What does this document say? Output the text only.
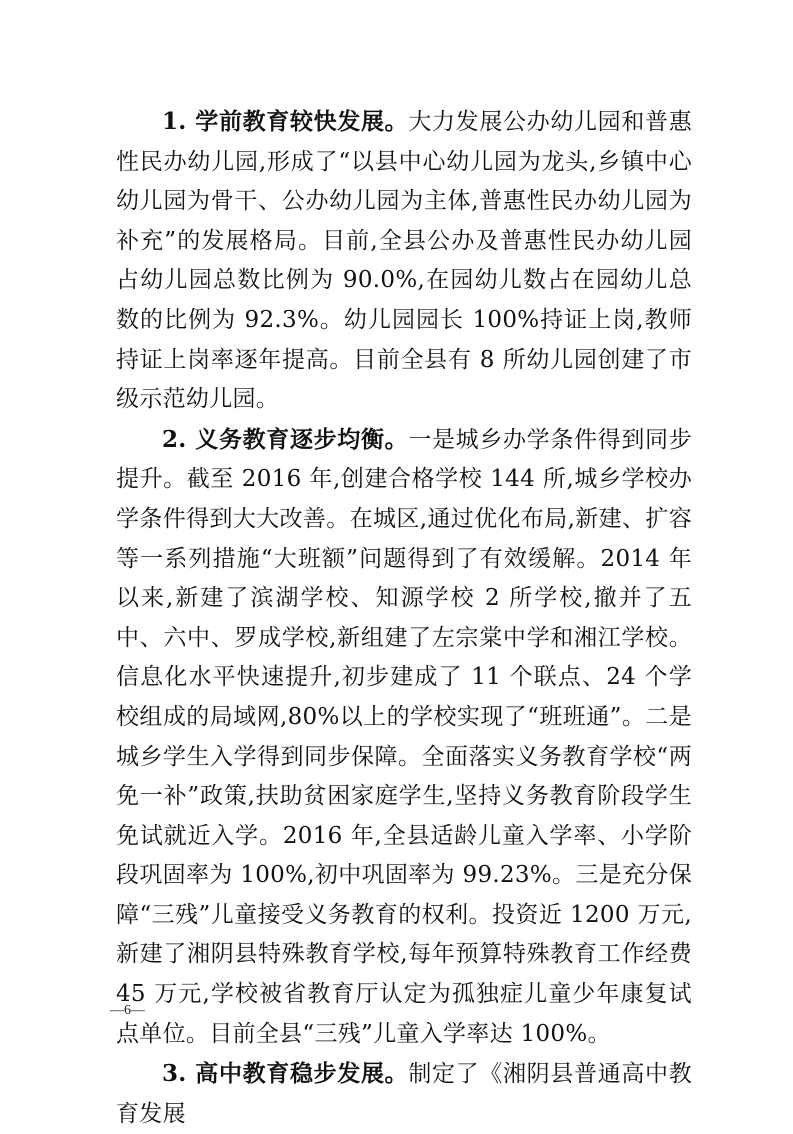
1. 学前教育较快发展。大力发展公办幼儿园和普惠性民办幼儿园,形成了“以县中心幼儿园为龙头,乡镇中心幼儿园为骨干、公办幼儿园为主体,普惠性民办幼儿园为补充”的发展格局。目前,全县公办及普惠性民办幼儿园占幼儿园总数比例为 90.0%,在园幼儿数占在园幼儿总数的比例为 92.3%。幼儿园园长 100%持证上岗,教师持证上岗率逐年提高。目前全县有 8 所幼儿园创建了市级示范幼儿园。

2. 义务教育逐步均衡。一是城乡办学条件得到同步提升。截至 2016 年,创建合格学校 144 所,城乡学校办学条件得到大大改善。在城区,通过优化布局,新建、扩容等一系列措施“大班额”问题得到了有效缓解。2014 年以来,新建了滨湖学校、知源学校 2 所学校,撤并了五中、六中、罗成学校,新组建了左宗棠中学和湘江学校。信息化水平快速提升,初步建成了 11 个联点、24 个学校组成的局域网,80%以上的学校实现了“班班通”。二是城乡学生入学得到同步保障。全面落实义务教育学校“两免一补”政策,扶助贫困家庭学生,坚持义务教育阶段学生免试就近入学。2016 年,全县适龄儿童入学率、小学阶段巩固率为 100%,初中巩固率为 99.23%。三是充分保障“三残”儿童接受义务教育的权利。投资近 1200 万元,新建了湘阴县特殊教育学校,每年预算特殊教育工作经费 45 万元,学校被省教育厅认定为孤独症儿童少年康复试点单位。目前全县“三残”儿童入学率达 100%。

3. 高中教育稳步发展。制定了《湘阴县普通高中教育发展

—6—
